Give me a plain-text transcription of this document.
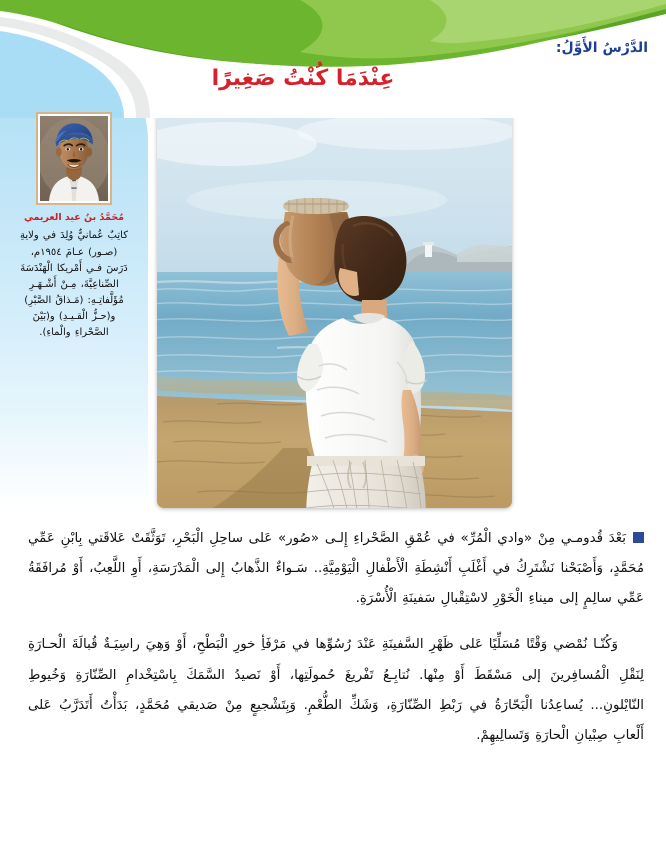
الدَّرْسُ الأَوَّلُ:
عِنْدَمَا كُنْتُ صَغِيرًا
مُحَمَّدُ بنُ عيد العريمي

كاتِبٌ عُمانيٌّ وُلِدَ في ولايةِ

(صـور) عـامَ ١٩٥٤م،

دَرَسَ فـي أَمْريكا الْهَنْدَسَةَ

الصِّناعِيَّةَ، مِـنْ أَشْـهَـرِ

مُؤَلَّفاتِـهِ: (مَـذاقُ الصَّبْرِ)

و(حـزُّ الْقـيـدِ) و(بَيْنَ

الصَّحْراءِ والْماءِ).

بَعْدَ قُدومـي مِنْ «وادي الْمُرِّ» في عُمْقِ الصَّحْراءِ إِلـى «صُور» عَلى ساحِلِ الْبَحْرِ، تَوَثَّقَتْ عَلاقَتي بِابْنِ عَمِّي مُحَمَّدٍ، وَأَصْبَحْنا نَشْتَرِكُ في أَغْلَبِ أَنْشِطَةِ الْأَطْفالِ الْيَوْمِيَّةِ.. سَـواءٌ الذَّهابُ إِلى الْمَدْرَسَةِ، أَوِ اللَّعِبُ، أَوْ مُرافَقَةُ عَمِّي سالِمٍ إلى ميناءِ الْخَوْرِ لاسْتِقْبالِ سَفينَةِ الْأُسْرَةِ.

وَكُنّـا نُمْضي وَقْتًا مُسَلِّيًا عَلى ظَهْرِ السَّفينَةِ عَنْدَ رُسُوِّها في مَرْفَأِ خورِ الْبَطْحِ، أَوْ وَهِيَ راسِيَـةٌ قُبالَةَ الْحـارَةِ لِنَقْلِ الْمُسافِرينَ إلى مَسْقَطَ أَوْ مِنْها. نُتابِـعُ تَفْريغَ حُمولَتِها، أَوْ نَصيدُ السَّمَكَ بِاسْتِخْدامِ الصِّنّارَةِ وَخُيوطِ النّايْلونِ... يُساعِدُنا الْبَحّارَةُ في رَبْطِ الصِّنّارَةِ، وَشَكِّ الطُّعْمِ. وَبِتَشْجيعٍ مِنْ صَديقي مُحَمَّدٍ، بَدَأْتُ أَتَدَرَّبُ عَلى أَلْعابِ صِبْيانِ الْحارَةِ وَتَسالِيهِمْ.
